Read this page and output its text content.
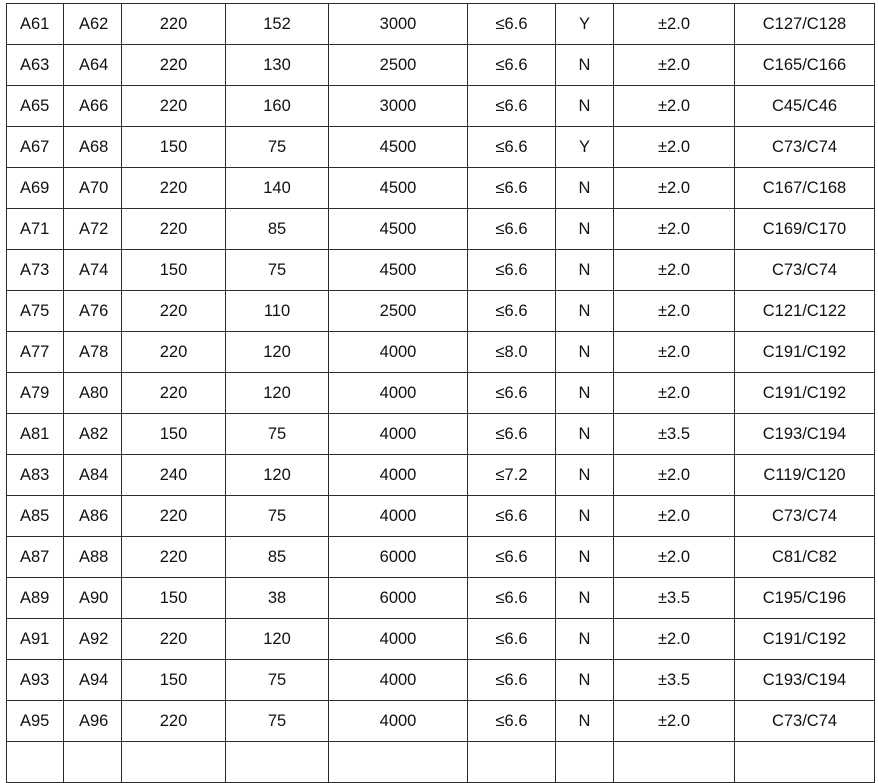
A61	A62	220	152	3000	≤6.6	Y	±2.0	C127/C128
A63	A64	220	130	2500	≤6.6	N	±2.0	C165/C166
A65	A66	220	160	3000	≤6.6	N	±2.0	C45/C46
A67	A68	150	75	4500	≤6.6	Y	±2.0	C73/C74
A69	A70	220	140	4500	≤6.6	N	±2.0	C167/C168
A71	A72	220	85	4500	≤6.6	N	±2.0	C169/C170
A73	A74	150	75	4500	≤6.6	N	±2.0	C73/C74
A75	A76	220	110	2500	≤6.6	N	±2.0	C121/C122
A77	A78	220	120	4000	≤8.0	N	±2.0	C191/C192
A79	A80	220	120	4000	≤6.6	N	±2.0	C191/C192
A81	A82	150	75	4000	≤6.6	N	±3.5	C193/C194
A83	A84	240	120	4000	≤7.2	N	±2.0	C119/C120
A85	A86	220	75	4000	≤6.6	N	±2.0	C73/C74
A87	A88	220	85	6000	≤6.6	N	±2.0	C81/C82
A89	A90	150	38	6000	≤6.6	N	±3.5	C195/C196
A91	A92	220	120	4000	≤6.6	N	±2.0	C191/C192
A93	A94	150	75	4000	≤6.6	N	±3.5	C193/C194
A95	A96	220	75	4000	≤6.6	N	±2.0	C73/C74
